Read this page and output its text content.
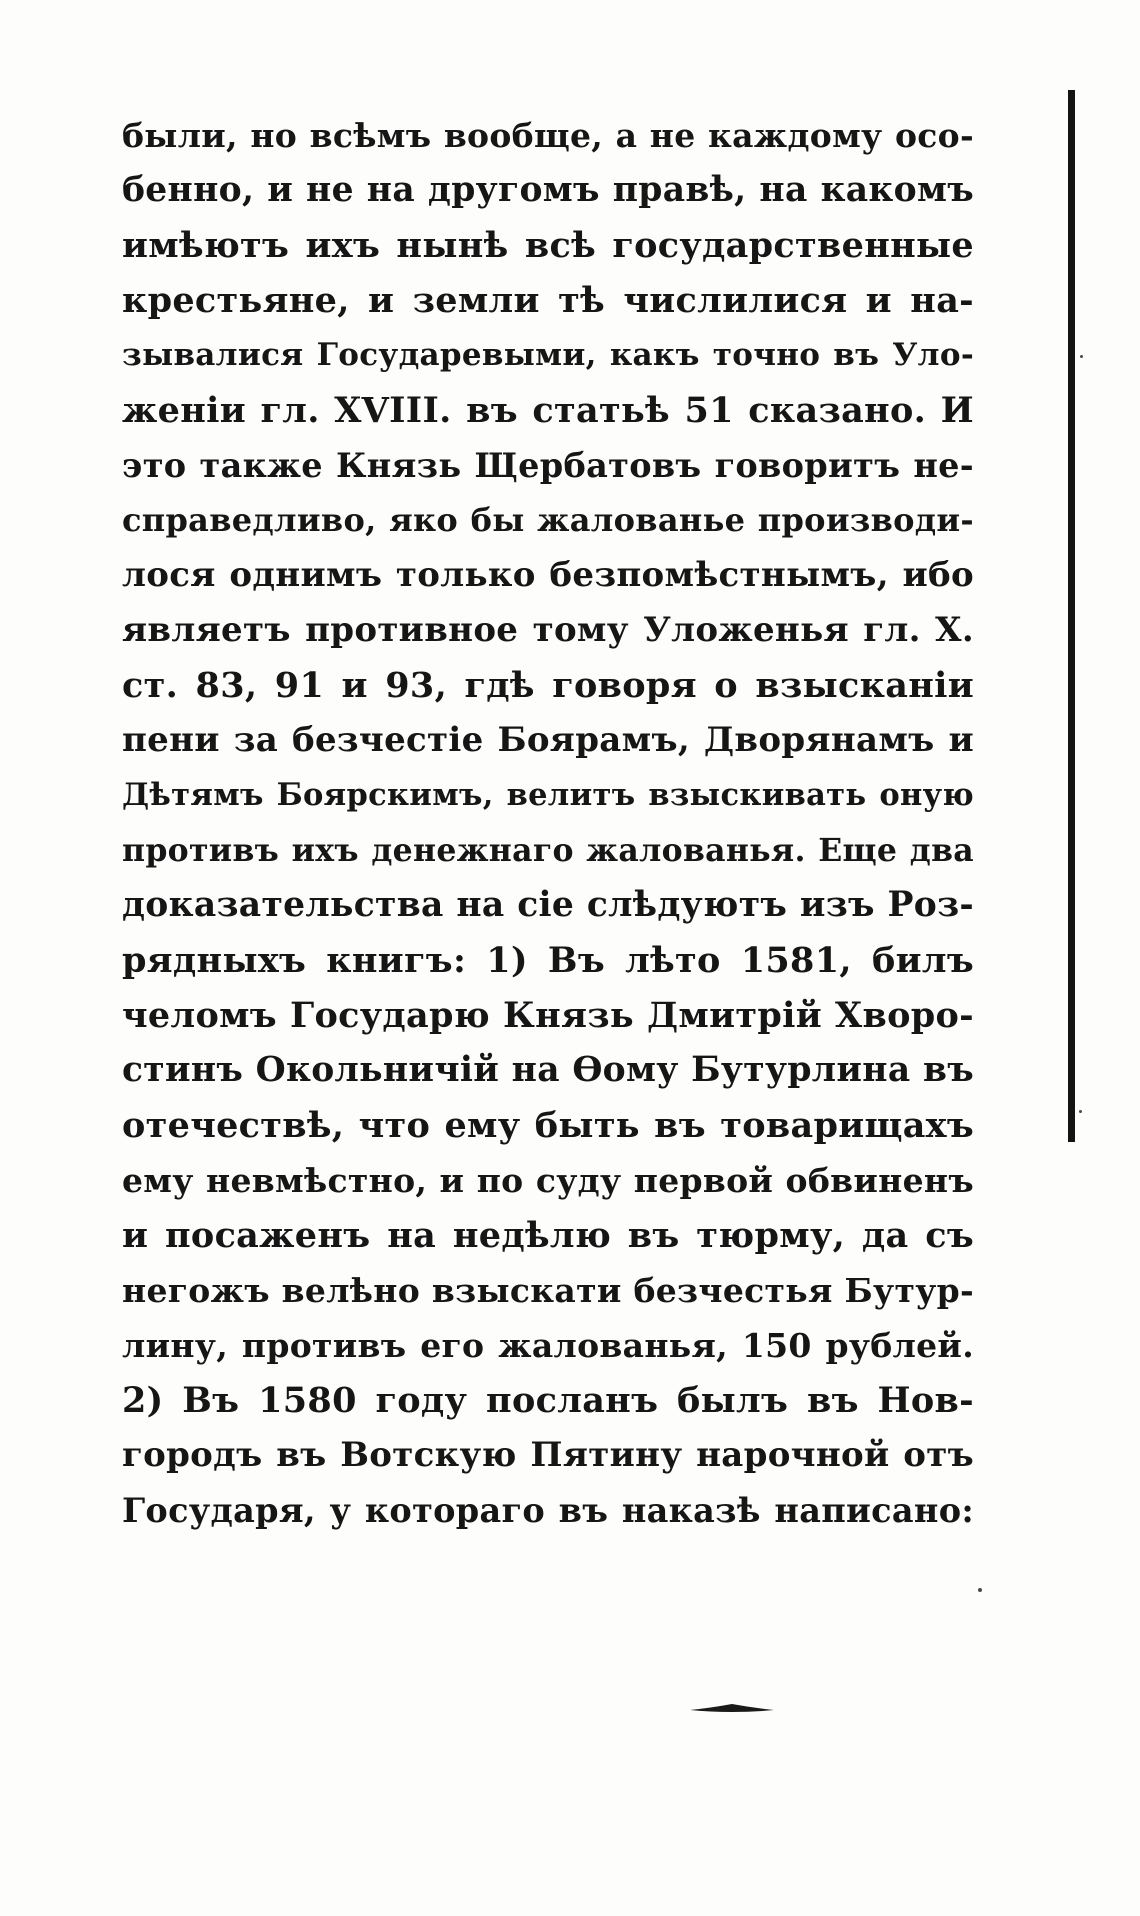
были, но всѣмъ вообще, а не каждому осо-
бенно, и не на другомъ правѣ, на какомъ
имѣютъ ихъ нынѣ всѣ государственные
крестьяне, и земли тѣ числилися и на-
зывалися Государевыми, какъ точно въ Уло-
женіи гл. XVIII. въ статьѣ 51 сказано. И
это также Князь Щербатовъ говоритъ не-
справедливо, яко бы жалованье производи-
лося однимъ только безпомѣстнымъ, ибо
являетъ противное тому Уложенья гл. X.
ст. 83, 91 и 93, гдѣ говоря о взысканіи
пени за безчестіе Боярамъ, Дворянамъ и
Дѣтямъ Боярскимъ, велитъ взыскивать оную
противъ ихъ денежнаго жалованья. Еще два
доказательства на сіе слѣдуютъ изъ Роз-
рядныхъ книгъ: 1) Въ лѣто 1581, билъ
челомъ Государю Князь Дмитрій Хворо-
стинъ Окольничій на Ѳому Бутурлина въ
отечествѣ, что ему быть въ товарищахъ
ему невмѣстно, и по суду первой обвиненъ
и посаженъ на недѣлю въ тюрму, да съ
негожъ велѣно взыскати безчестья Бутур-
лину, противъ его жалованья, 150 рублей.
2) Въ 1580 году посланъ былъ въ Нов-
городъ въ Вотскую Пятину нарочной отъ
Государя, у котораго въ наказѣ написано:
